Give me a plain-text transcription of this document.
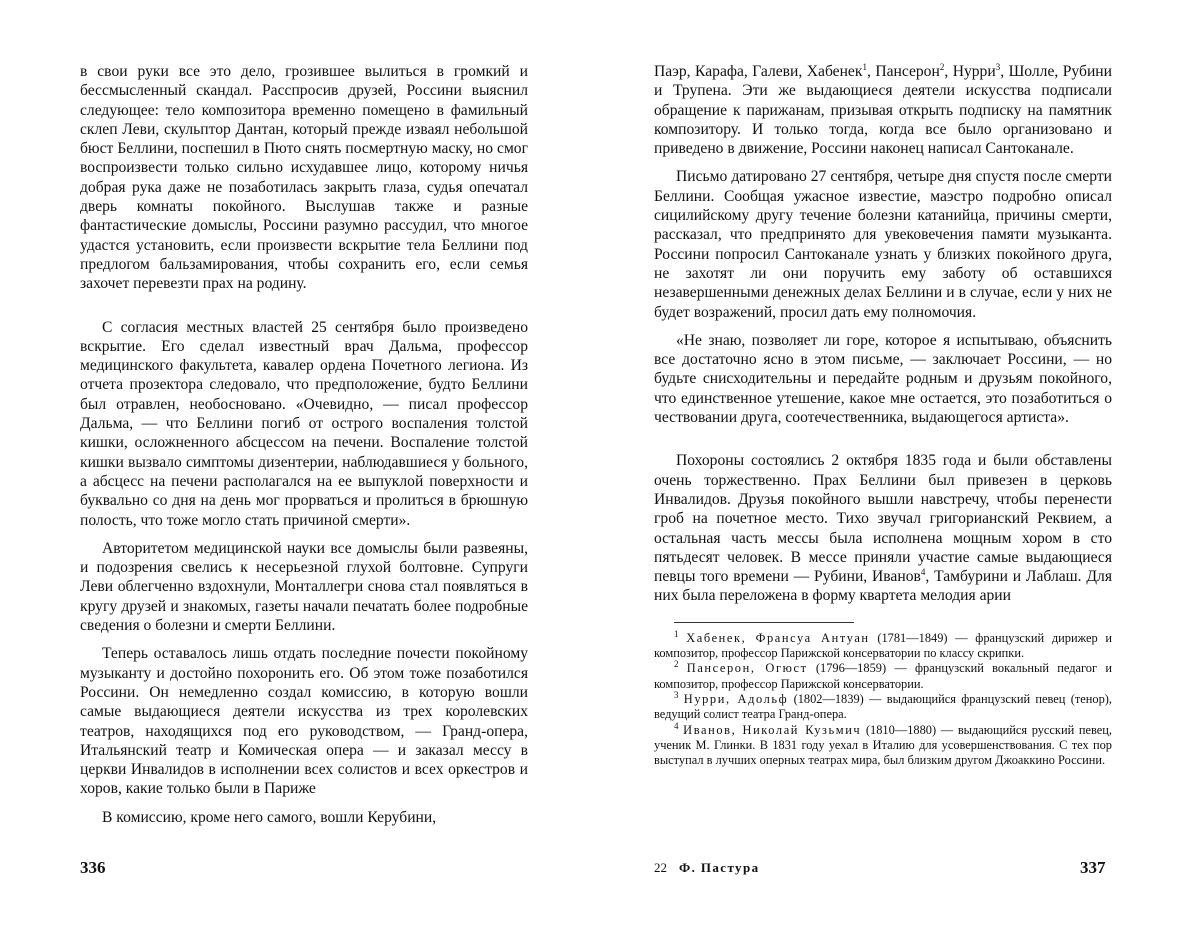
в свои руки все это дело, грозившее вылиться в громкий и бессмысленный скандал. Расспросив друзей, Россини выяснил следующее: тело композитора временно помещено в фамильный склеп Леви, скульптор Дантан, который прежде изваял небольшой бюст Беллини, поспешил в Пюто снять посмертную маску, но смог воспроизвести только сильно исхудавшее лицо, которому ничья добрая рука даже не позаботилась закрыть глаза, судья опечатал дверь комнаты покойного. Выслушав также и разные фантастические домыслы, Россини разумно рассудил, что многое удастся установить, если произвести вскрытие тела Беллини под предлогом бальзамирования, чтобы сохранить его, если семья захочет перевезти прах на родину.

С согласия местных властей 25 сентября было произведено вскрытие. Его сделал известный врач Дальма, профессор медицинского факультета, кавалер ордена Почетного легиона. Из отчета прозектора следовало, что предположение, будто Беллини был отравлен, необосновано. «Очевидно, — писал профессор Дальма, — что Беллини погиб от острого воспаления толстой кишки, осложненного абсцессом на печени. Воспаление толстой кишки вызвало симптомы дизентерии, наблюдавшиеся у больного, а абсцесс на печени располагался на ее выпуклой поверхности и буквально со дня на день мог прорваться и пролиться в брюшную полость, что тоже могло стать причиной смерти».

Авторитетом медицинской науки все домыслы были развеяны, и подозрения свелись к несерьезной глухой болтовне. Супруги Леви облегченно вздохнули, Монталлегри снова стал появляться в кругу друзей и знакомых, газеты начали печатать более подробные сведения о болезни и смерти Беллини.

Теперь оставалось лишь отдать последние почести покойному музыканту и достойно похоронить его. Об этом тоже позаботился Россини. Он немедленно создал комиссию, в которую вошли самые выдающиеся деятели искусства из трех королевских театров, находящихся под его руководством, — Гранд-опера, Итальянский театр и Комическая опера — и заказал мессу в церкви Инвалидов в исполнении всех солистов и всех оркестров и хоров, какие только были в Париже

В комиссию, кроме него самого, вошли Керубини,

336

Паэр, Карафа, Галеви, Хабенек1, Пансерон2, Нурри3, Шолле, Рубини и Трупена. Эти же выдающиеся деятели искусства подписали обращение к парижанам, призывая открыть подписку на памятник композитору. И только тогда, когда все было организовано и приведено в движение, Россини наконец написал Сантоканале.

Письмо датировано 27 сентября, четыре дня спустя после смерти Беллини. Сообщая ужасное известие, маэстро подробно описал сицилийскому другу течение болезни катанийца, причины смерти, рассказал, что предпринято для увековечения памяти музыканта. Россини попросил Сантоканале узнать у близких покойного друга, не захотят ли они поручить ему заботу об оставшихся незавершенными денежных делах Беллини и в случае, если у них не будет возражений, просил дать ему полномочия.

«Не знаю, позволяет ли горе, которое я испытываю, объяснить все достаточно ясно в этом письме, — заключает Россини, — но будьте снисходительны и передайте родным и друзьям покойного, что единственное утешение, какое мне остается, это позаботиться о чествовании друга, соотечественника, выдающегося артиста».

Похороны состоялись 2 октября 1835 года и были обставлены очень торжественно. Прах Беллини был привезен в церковь Инвалидов. Друзья покойного вышли навстречу, чтобы перенести гроб на почетное место. Тихо звучал григорианский Реквием, а остальная часть мессы была исполнена мощным хором в сто пятьдесят человек. В мессе приняли участие самые выдающиеся певцы того времени — Рубини, Иванов4, Тамбурини и Лаблаш. Для них была переложена в форму квартета мелодия арии

1 Хабенек, Франсуа Антуан (1781—1849) — французский дирижер и композитор, профессор Парижской консерватории по классу скрипки.

2 Пансерон, Огюст (1796—1859) — французский вокальный педагог и композитор, профессор Парижской консерватории.

3 Нурри, Адольф (1802—1839) — выдающийся французский певец (тенор), ведущий солист театра Гранд-опера.

4 Иванов, Николай Кузьмич (1810—1880) — выдающийся русский певец, ученик М. Глинки. В 1831 году уехал в Италию для усовершенствования. С тех пор выступал в лучших оперных театрах мира, был близким другом Джоаккино Россини.

22 Ф. Пастура	337
